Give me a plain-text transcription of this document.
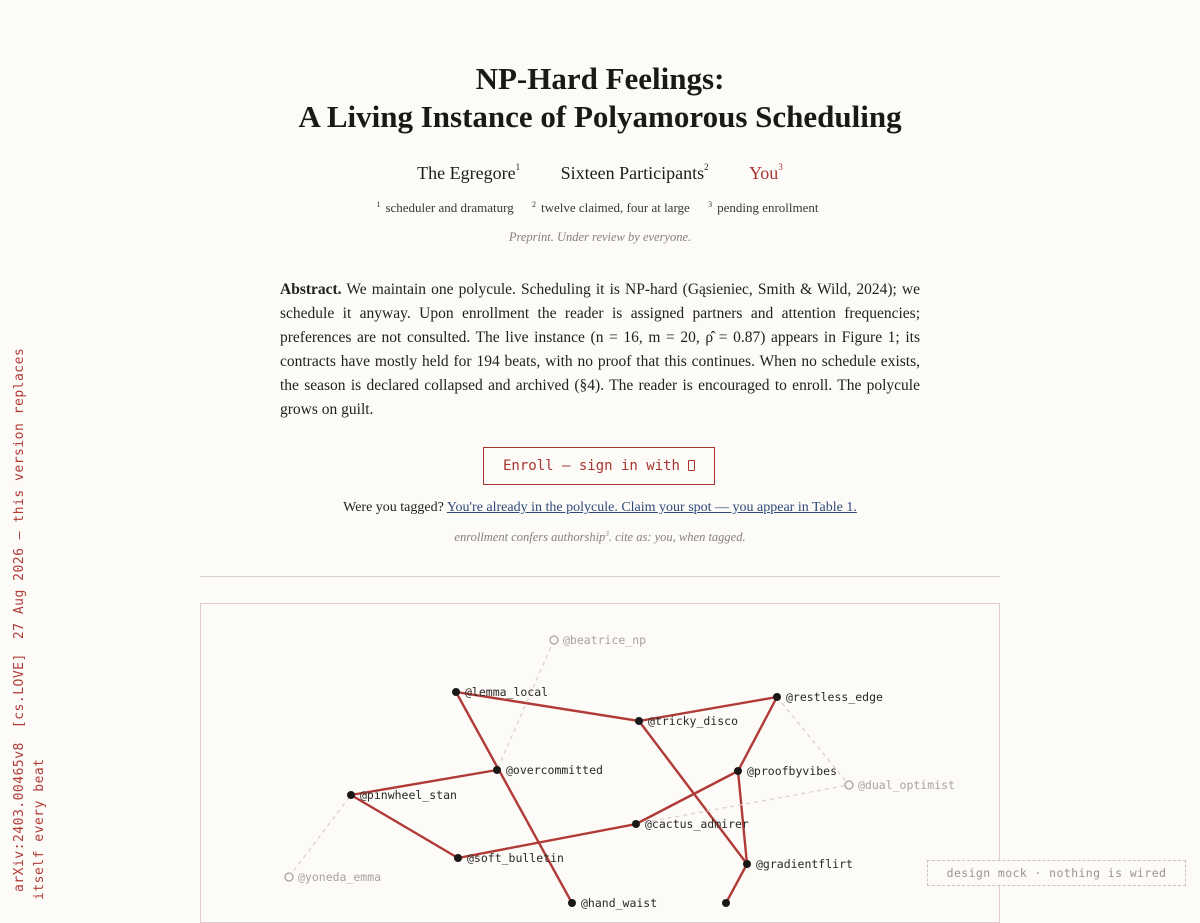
arXiv:2403.00465v8[cs.LOVE]27 Aug 2026 — this version replaces
itself every beat
NP-Hard Feelings:
A Living Instance of Polyamorous Scheduling
The Egregore$^1$ Sixteen Participants$^2$ You$^3$
$^1$ scheduler and dramaturg $^2$ twelve claimed, four at large $^3$ pending enrollment
Preprint. Under review by everyone.

Abstract. We maintain one polycule. Scheduling it is NP-hard (Gąsieniec, Smith & Wild, 2024); we schedule it anyway. Upon enrollment the reader is assigned partners and attention frequencies; preferences are not consulted. The live instance (n = 16, m = 20, ρ̂ = 0.87) appears in Figure 1; its contracts have mostly held for 194 beats, with no proof that this continues. When no schedule exists, the season is declared collapsed and archived (§4). The reader is encouraged to enroll. The polycule grows on guilt.

Enroll — sign in with
Were you tagged? You're already in the polycule. Claim your spot — you appear in Table 1.
enrollment confers authorship$^3$. cite as: you, when tagged.
@beatrice_np
@lemma_local	@restless_edge
@tricky_disco
@overcommitted	@proofbyvibes
@dual_optimist
@pinwheel_stan
@cactus_admirer
@soft_bulletin	@gradientflirt
@yoneda_emma
@hand_waist
design mock · nothing is wired
